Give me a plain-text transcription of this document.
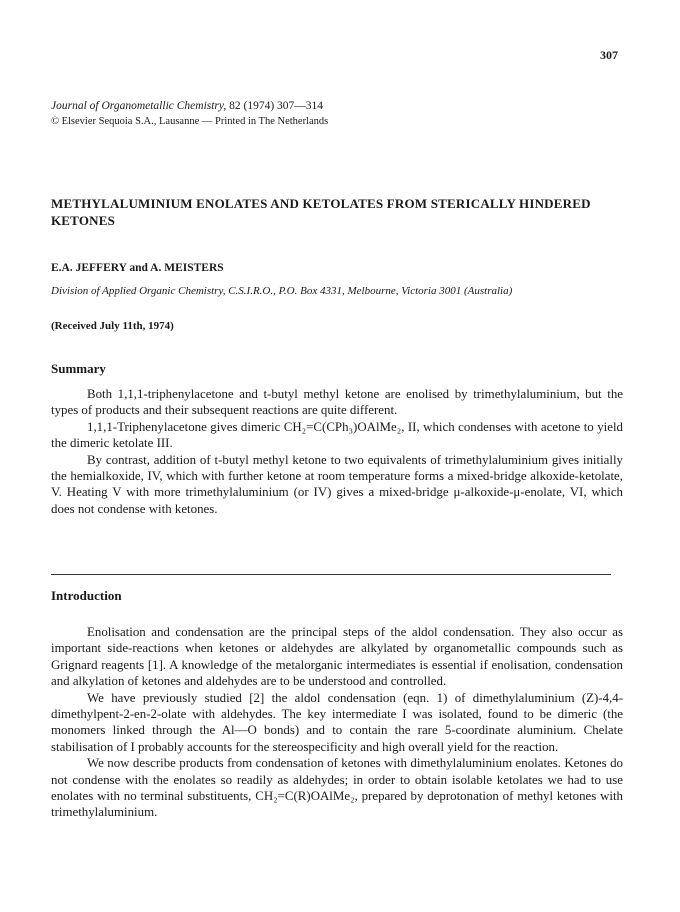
307
Journal of Organometallic Chemistry, 82 (1974) 307—314
© Elsevier Sequoia S.A., Lausanne — Printed in The Netherlands
METHYLALUMINIUM ENOLATES AND KETOLATES FROM STERICALLY HINDERED KETONES
E.A. JEFFERY and A. MEISTERS
Division of Applied Organic Chemistry, C.S.I.R.O., P.O. Box 4331, Melbourne, Victoria 3001 (Australia)
(Received July 11th, 1974)
Summary

Both 1,1,1-triphenylacetone and t-butyl methyl ketone are enolised by trimethylaluminium, but the types of products and their subsequent reactions are quite different.

1,1,1-Triphenylacetone gives dimeric CH₂=C(CPh₃)OAlMe₂, II, which condenses with acetone to yield the dimeric ketolate III.

By contrast, addition of t-butyl methyl ketone to two equivalents of trimethylaluminium gives initially the hemialkoxide, IV, which with further ketone at room temperature forms a mixed-bridge alkoxide-ketolate, V. Heating V with more trimethylaluminium (or IV) gives a mixed-bridge μ-alkoxide-μ-enolate, VI, which does not condense with ketones.

Introduction

Enolisation and condensation are the principal steps of the aldol condensation. They also occur as important side-reactions when ketones or aldehydes are alkylated by organometallic compounds such as Grignard reagents [1]. A knowledge of the metalorganic intermediates is essential if enolisation, condensation and alkylation of ketones and aldehydes are to be understood and controlled.

We have previously studied [2] the aldol condensation (eqn. 1) of dimethylaluminium (Z)-4,4-dimethylpent-2-en-2-olate with aldehydes. The key intermediate I was isolated, found to be dimeric (the monomers linked through the Al—O bonds) and to contain the rare 5-coordinate aluminium. Chelate stabilisation of I probably accounts for the stereospecificity and high overall yield for the reaction.

We now describe products from condensation of ketones with dimethylaluminium enolates. Ketones do not condense with the enolates so readily as aldehydes; in order to obtain isolable ketolates we had to use enolates with no terminal substituents, CH₂=C(R)OAlMe₂, prepared by deprotonation of methyl ketones with trimethylaluminium.
